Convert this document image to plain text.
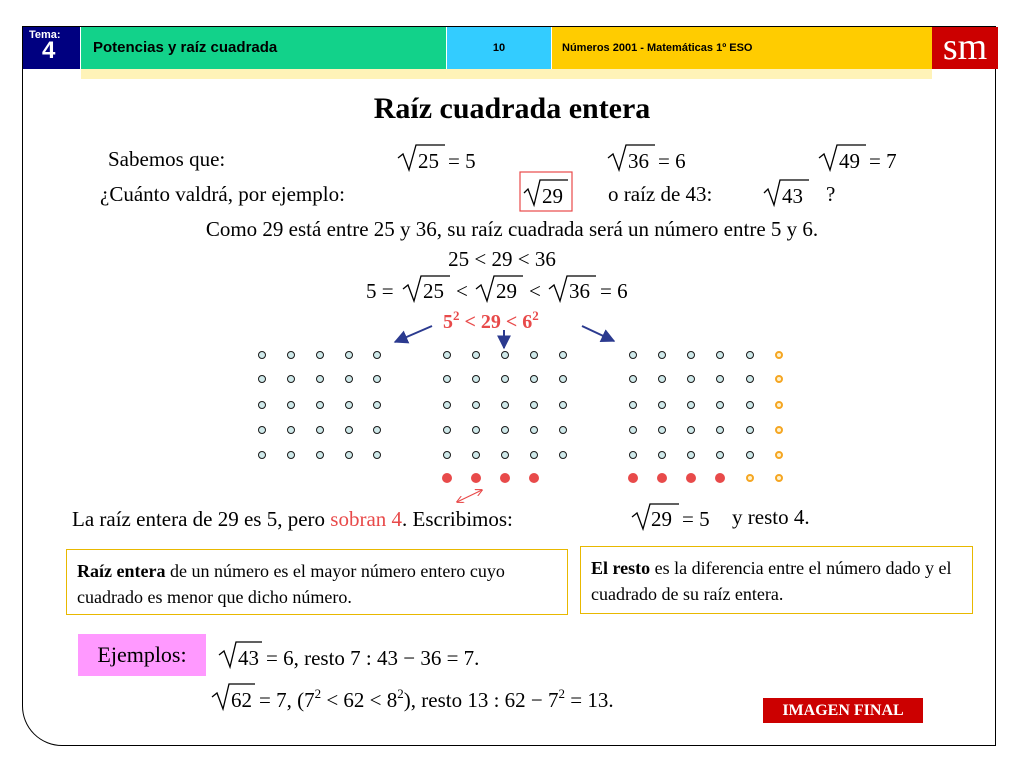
Tema:
4	Potencias y raíz cuadrada	10	Números 2001 - Matemáticas 1º ESO	sm
Raíz cuadrada entera
Sabemos que:	25 = 5	36 = 6	49 = 7
¿Cuánto valdrá, por ejemplo:	29 o raíz de 43:	43 ?
Como 29 está entre 25 y 36, su raíz cuadrada será un número entre 5 y 6.
25 < 29 < 36
5 = 25 < 29 < 36 = 6
$5^2 < 29 < 6^2$
La raíz entera de 29 es 5, pero sobran 4. Escribimos:	29 = 5 y resto 4.
43 = 6, resto 7 : 43 − 36 = 7.
62 = 7, $(7^2 < 62 < 8^2)$, resto 13 : $62 - 7^2 = 13$.
Raíz entera de un número es el mayor número entero cuyo cuadrado es menor que dicho número.
El resto es la diferencia entre el número dado y el cuadrado de su raíz entera.
Ejemplos:
IMAGEN FINAL
